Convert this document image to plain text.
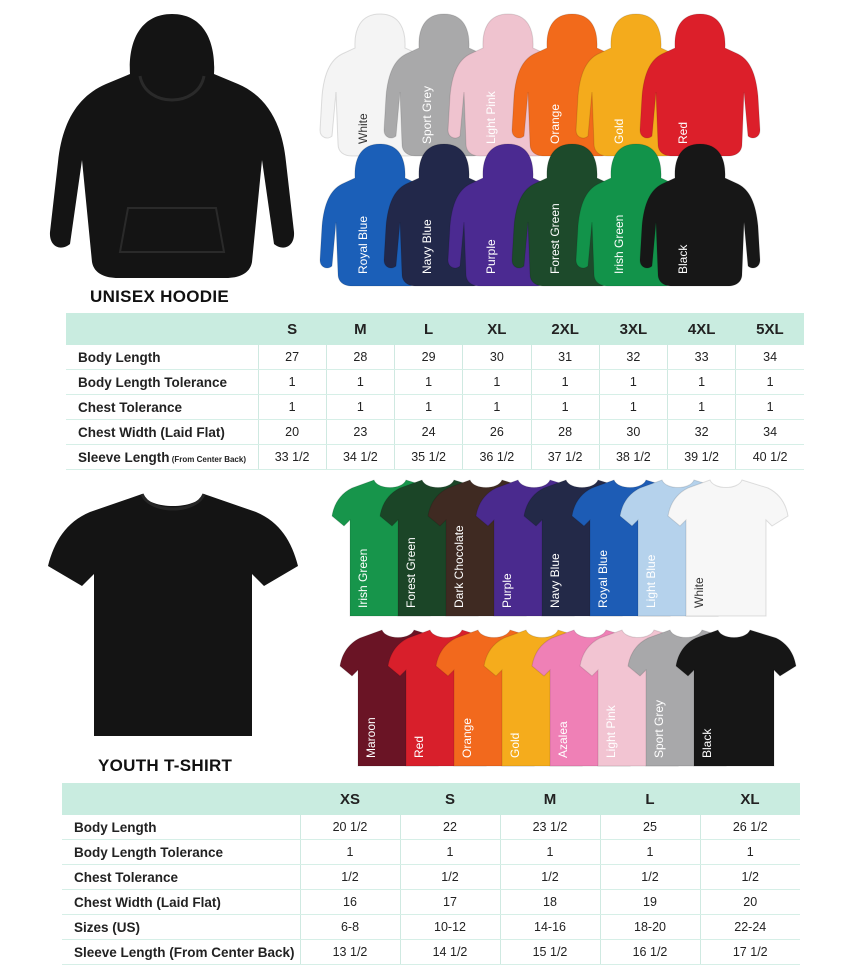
UNISEX HOODIE
White	Sport Grey	Light Pink	Orange	Gold	Red
Royal Blue	Navy Blue	Purple	Forest Green	Irish Green	Black
	S	M	L	XL	2XL	3XL	4XL	5XL
Body Length	27	28	29	30	31	32	33	34
Body Length Tolerance	1	1	1	1	1	1	1	1
Chest Tolerance	1	1	1	1	1	1	1	1
Chest Width (Laid Flat)	20	23	24	26	28	30	32	34
Sleeve Length (From Center Back)	33 1/2	34 1/2	35 1/2	36 1/2	37 1/2	38 1/2	39 1/2	40 1/2
YOUTH T-SHIRT
Irish Green	Forest Green	Dark Chocolate	Purple	Navy Blue	Royal Blue	Light Blue	White
Maroon	Red	Orange	Gold	Azalea	Light Pink	Sport Grey	Black
	XS	S	M	L	XL
Body Length	20 1/2	22	23 1/2	25	26 1/2
Body Length Tolerance	1	1	1	1	1
Chest Tolerance	1/2	1/2	1/2	1/2	1/2
Chest Width (Laid Flat)	16	17	18	19	20
Sizes (US)	6-8	10-12	14-16	18-20	22-24
Sleeve Length (From Center Back)	13 1/2	14 1/2	15 1/2	16 1/2	17 1/2
